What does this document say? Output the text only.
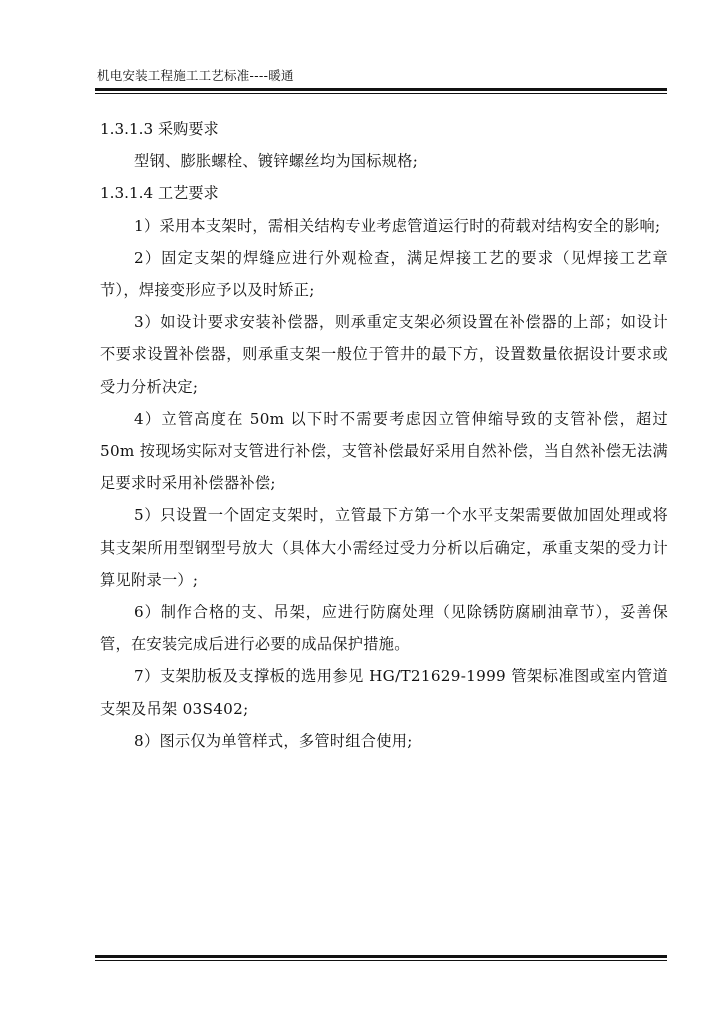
机电安装工程施工工艺标准----暖通

1.3.1.3 采购要求

型钢、膨胀螺栓、镀锌螺丝均为国标规格;

1.3.1.4 工艺要求

1）采用本支架时，需相关结构专业考虑管道运行时的荷载对结构安全的影响;

2）固定支架的焊缝应进行外观检查，满足焊接工艺的要求（见焊接工艺章节），焊接变形应予以及时矫正;

3）如设计要求安装补偿器，则承重定支架必须设置在补偿器的上部；如设计不要求设置补偿器，则承重支架一般位于管井的最下方，设置数量依据设计要求或受力分析决定;

4）立管高度在 50m 以下时不需要考虑因立管伸缩导致的支管补偿，超过 50m 按现场实际对支管进行补偿，支管补偿最好采用自然补偿，当自然补偿无法满足要求时采用补偿器补偿;

5）只设置一个固定支架时，立管最下方第一个水平支架需要做加固处理或将其支架所用型钢型号放大（具体大小需经过受力分析以后确定，承重支架的受力计算见附录一）;

6）制作合格的支、吊架，应进行防腐处理（见除锈防腐刷油章节），妥善保管，在安装完成后进行必要的成品保护措施。

7）支架肋板及支撑板的选用参见 HG/T21629-1999 管架标准图或室内管道支架及吊架 03S402;

8）图示仅为单管样式，多管时组合使用;
